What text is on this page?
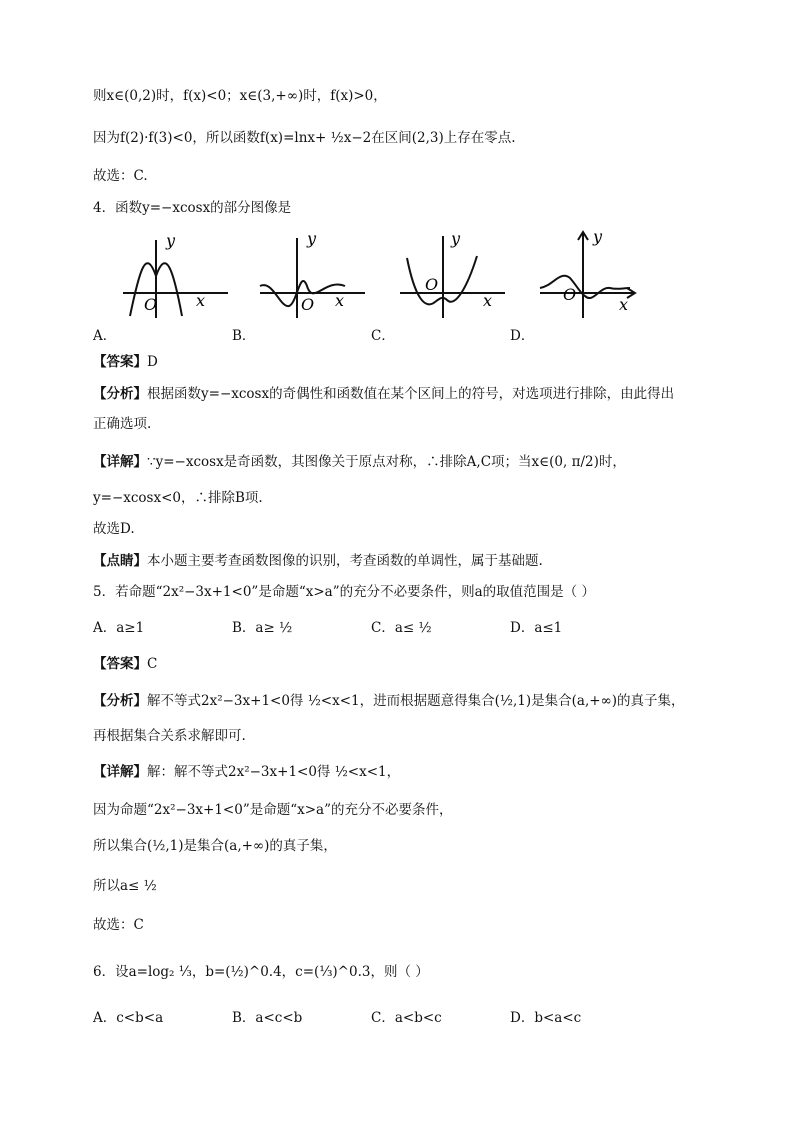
则x∈(0,2)时，f(x)<0；x∈(3,+∞)时，f(x)>0，
因为f(2)·f(3)<0，所以函数f(x)=lnx+ ½x−2在区间(2,3)上存在零点.
故选：C.
4．函数y=−xcosx的部分图像是
y
x
O
y
x
O
y
x
O
y
x
O
A．	B．	C．	D．
【答案】D
【分析】根据函数y=−xcosx的奇偶性和函数值在某个区间上的符号，对选项进行排除，由此得出
正确选项.
【详解】∵y=−xcosx是奇函数，其图像关于原点对称，∴排除A,C项；当x∈(0, π/2)时，
y=−xcosx<0，∴排除B项.
故选D.
【点睛】本小题主要考查函数图像的识别，考查函数的单调性，属于基础题.
5．若命题“2x²−3x+1<0”是命题“x>a”的充分不必要条件，则a的取值范围是（ ）
A．a≥1	B．a≥ ½	C．a≤ ½	D．a≤1
【答案】C
【分析】解不等式2x²−3x+1<0得 ½<x<1，进而根据题意得集合(½,1)是集合(a,+∞)的真子集，
再根据集合关系求解即可.
【详解】解：解不等式2x²−3x+1<0得 ½<x<1，
因为命题“2x²−3x+1<0”是命题“x>a”的充分不必要条件，
所以集合(½,1)是集合(a,+∞)的真子集，
所以a≤ ½
故选：C
6．设a=log₂ ⅓，b=(½)^0.4，c=(⅓)^0.3，则（ ）
A．c<b<a	B．a<c<b	C．a<b<c	D．b<a<c
